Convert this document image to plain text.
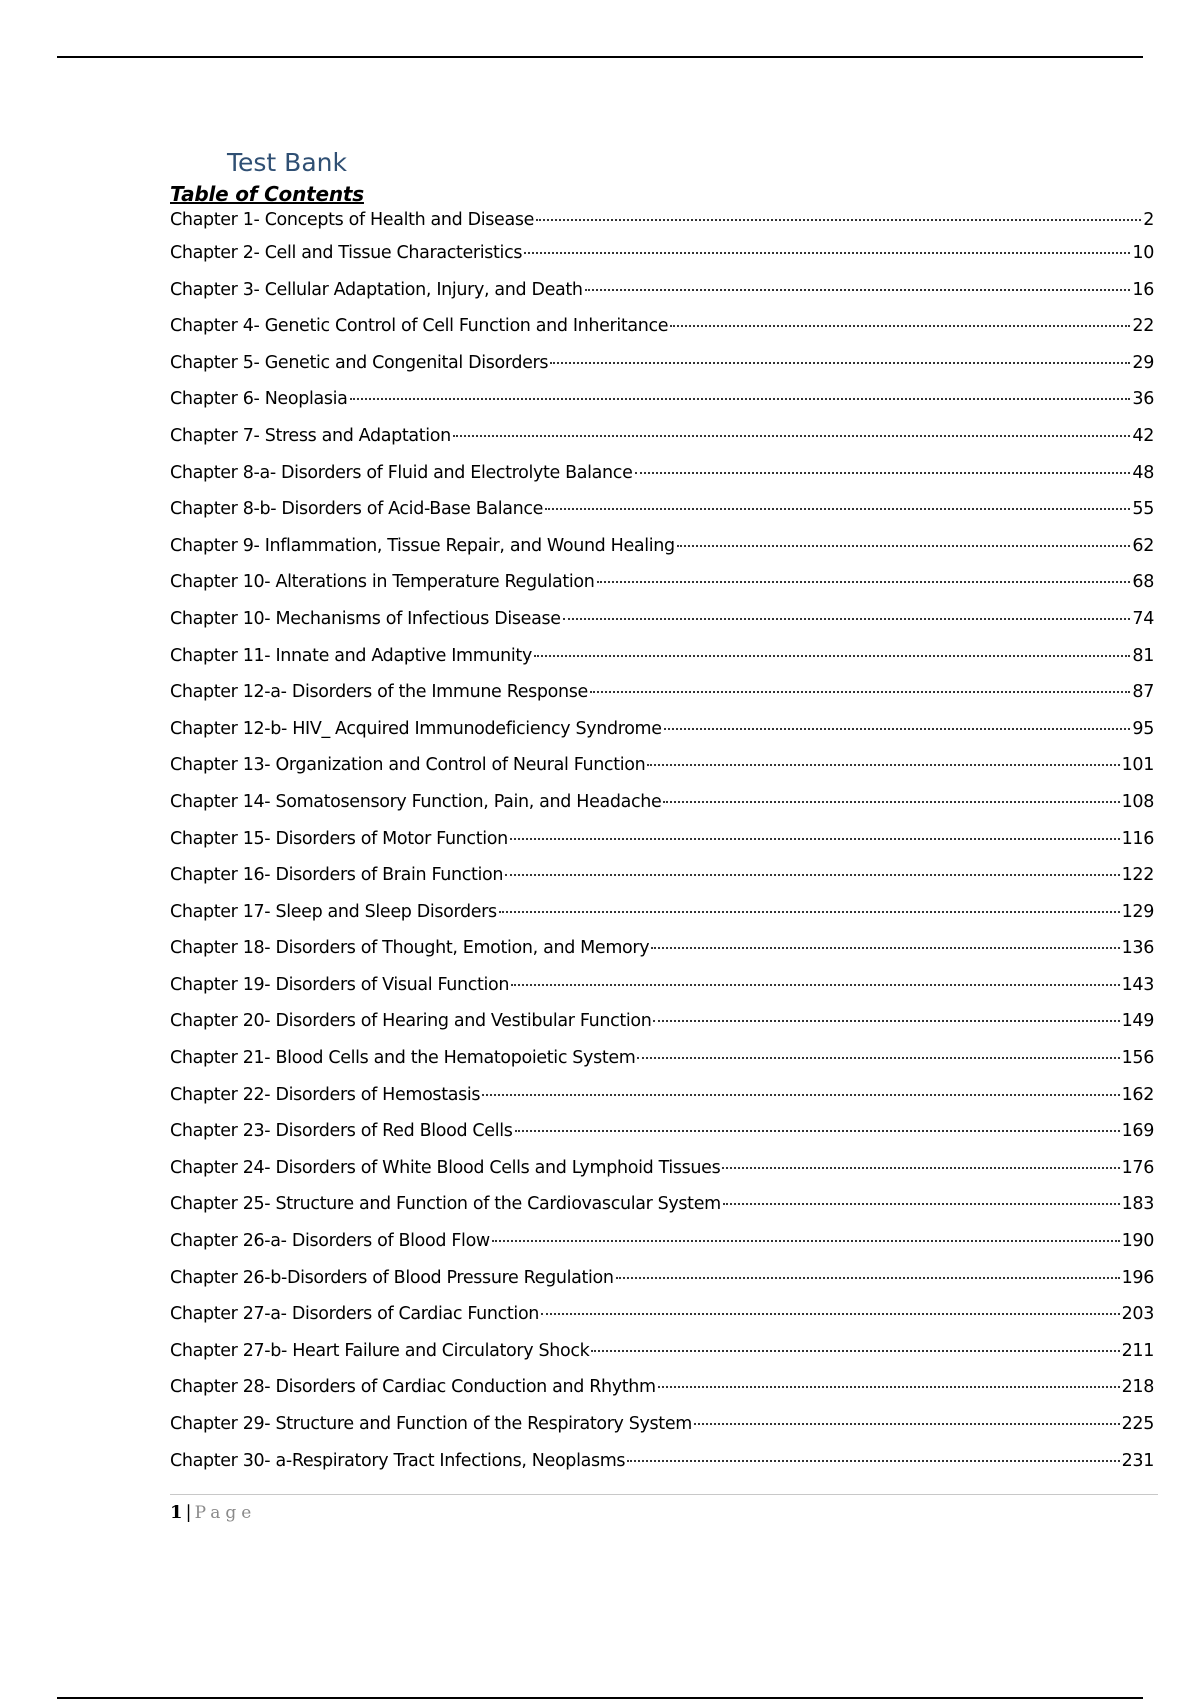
Test Bank
Table of Contents
Chapter 1- Concepts of Health and Disease	2
Chapter 2- Cell and Tissue Characteristics	10
Chapter 3- Cellular Adaptation, Injury, and Death	16
Chapter 4- Genetic Control of Cell Function and Inheritance	22
Chapter 5- Genetic and Congenital Disorders	29
Chapter 6- Neoplasia	36
Chapter 7- Stress and Adaptation	42
Chapter 8-a- Disorders of Fluid and Electrolyte Balance	48
Chapter 8-b- Disorders of Acid-Base Balance	55
Chapter 9- Inflammation, Tissue Repair, and Wound Healing	62
Chapter 10- Alterations in Temperature Regulation	68
Chapter 10- Mechanisms of Infectious Disease	74
Chapter 11- Innate and Adaptive Immunity	81
Chapter 12-a- Disorders of the Immune Response	87
Chapter 12-b- HIV_ Acquired Immunodeficiency Syndrome	95
Chapter 13- Organization and Control of Neural Function	101
Chapter 14- Somatosensory Function, Pain, and Headache	108
Chapter 15- Disorders of Motor Function	116
Chapter 16- Disorders of Brain Function	122
Chapter 17- Sleep and Sleep Disorders	129
Chapter 18- Disorders of Thought, Emotion, and Memory	136
Chapter 19- Disorders of Visual Function	143
Chapter 20- Disorders of Hearing and Vestibular Function	149
Chapter 21- Blood Cells and the Hematopoietic System	156
Chapter 22- Disorders of Hemostasis	162
Chapter 23- Disorders of Red Blood Cells	169
Chapter 24- Disorders of White Blood Cells and Lymphoid Tissues	176
Chapter 25- Structure and Function of the Cardiovascular System	183
Chapter 26-a- Disorders of Blood Flow	190
Chapter 26-b-Disorders of Blood Pressure Regulation	196
Chapter 27-a- Disorders of Cardiac Function	203
Chapter 27-b- Heart Failure and Circulatory Shock	211
Chapter 28- Disorders of Cardiac Conduction and Rhythm	218
Chapter 29- Structure and Function of the Respiratory System	225
Chapter 30- a-Respiratory Tract Infections, Neoplasms	231
1 | Page
